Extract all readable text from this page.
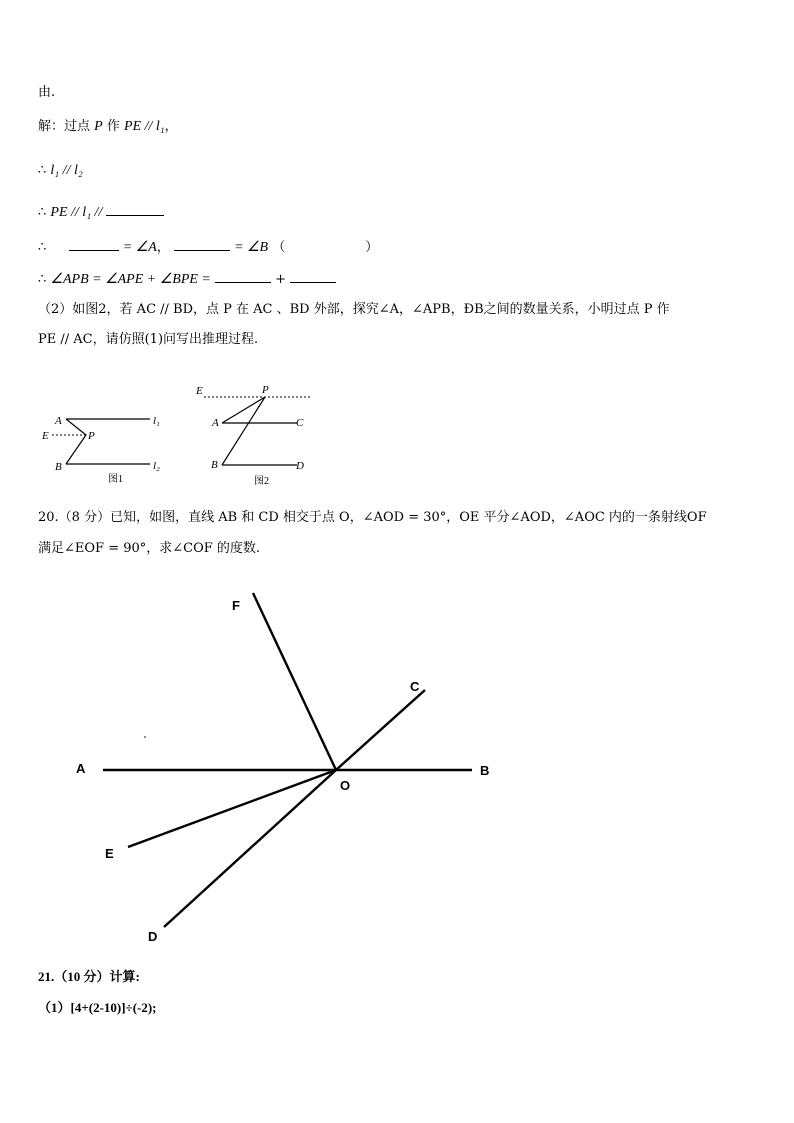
由.
解：过点 P 作 PE // l₁，
∴ l₁ // l₂
∴ PE // l₁ //
∴	= ∠A，	= ∠B （	）
∴ ∠APB = ∠APE + ∠BPE =	+
（2）如图2，若 AC // BD，点 P 在 AC 、BD 外部，探究∠A，∠APB，ÐB之间的数量关系，小明过点 P 作
PE // AC，请仿照(1)问写出推理过程.
A
E	P
B
l₁
l₂
图1
E	P
A	C
B	D
图2
20.（8 分）已知，如图，直线 AB 和 CD 相交于点 O，∠AOD = 30°，OE 平分∠AOD，∠AOC 内的一条射线OF
满足∠EOF = 90°，求∠COF 的度数.
F
C
A	B
O
E
D
21.（10 分）计算:
（1）[4+(2-10)]÷(-2);
